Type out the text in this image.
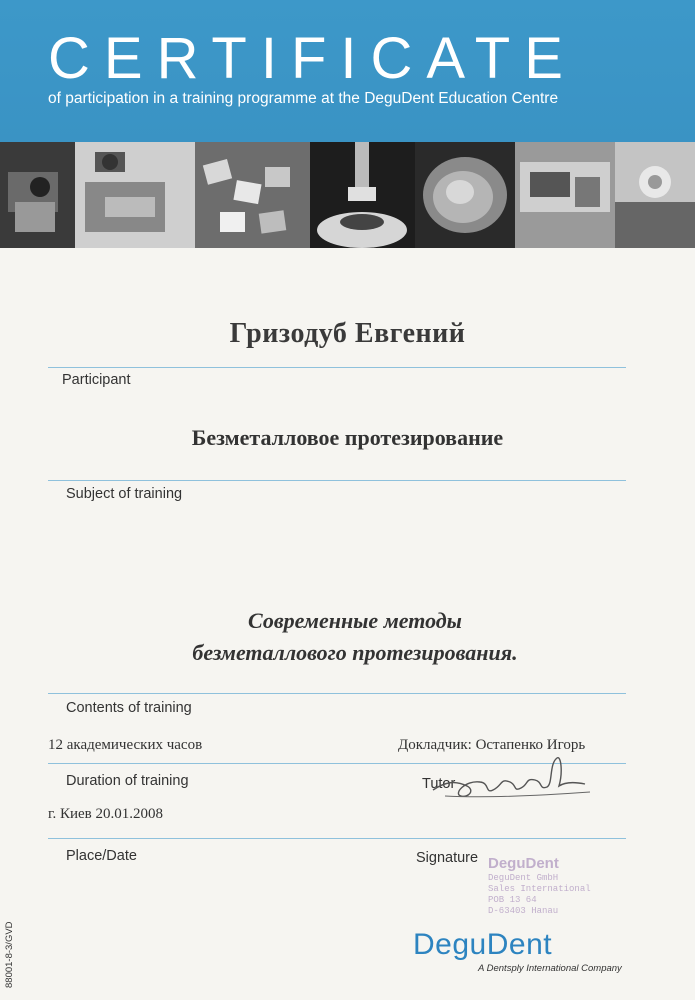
CERTIFICATE
of participation in a training programme at the DeguDent Education Centre
Гризодуб Евгений
Participant
Безметалловое протезирование
Subject of training
Современные методы
безметаллового протезирования.
Contents of training
12 академических часов	Докладчик: Остапенко Игорь
Duration of training	Tutor
г. Киев 20.01.2008
Place/Date	Signature DeguDent
DeguDent GmbH
Sales International
POB 13 64
D-63403 Hanau
88001-8-3/GVD	DeguDent
A Dentsply International Company
